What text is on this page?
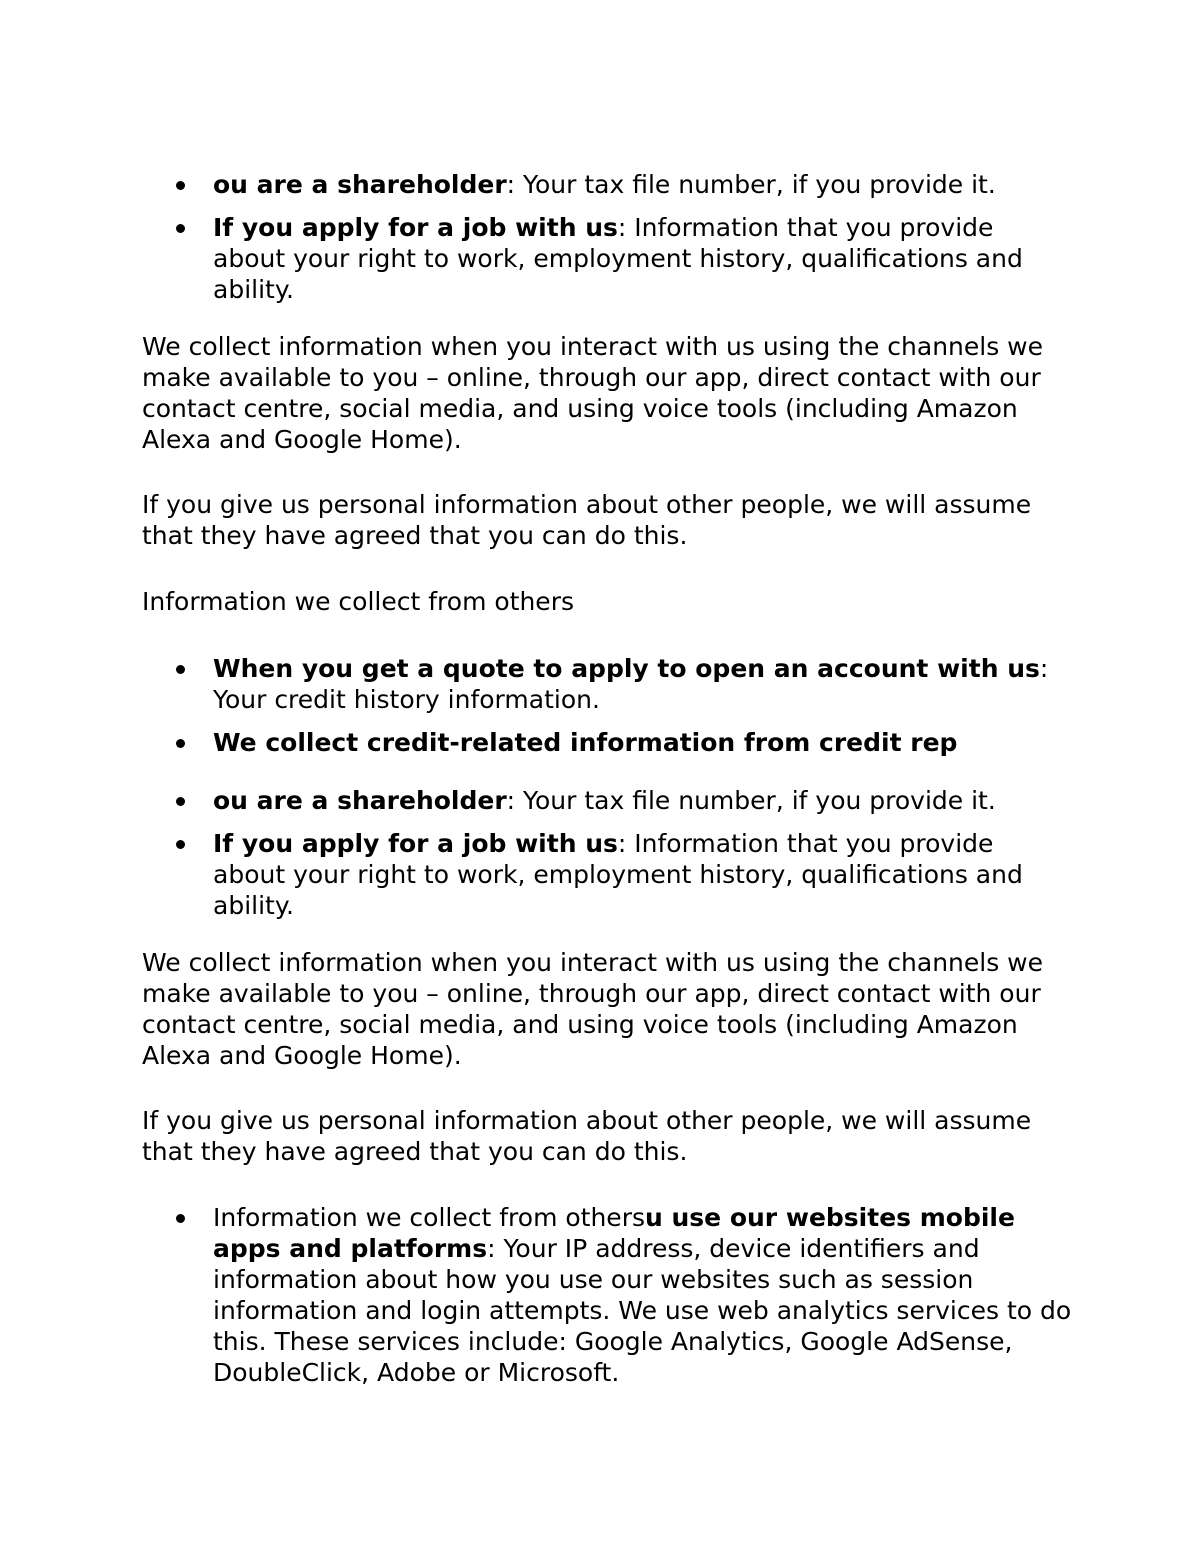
ou are a shareholder: Your tax file number, if you provide it.
If you apply for a job with us: Information that you provide about your right to work, employment history, qualifications and ability.

We collect information when you interact with us using the channels we make available to you – online, through our app, direct contact with our contact centre, social media, and using voice tools (including Amazon Alexa and Google Home).

If you give us personal information about other people, we will assume that they have agreed that you can do this.

Information we collect from others

When you get a quote to apply to open an account with us: Your credit history information.
We collect credit-related information from credit rep
ou are a shareholder: Your tax file number, if you provide it.
If you apply for a job with us: Information that you provide about your right to work, employment history, qualifications and ability.

We collect information when you interact with us using the channels we make available to you – online, through our app, direct contact with our contact centre, social media, and using voice tools (including Amazon Alexa and Google Home).

If you give us personal information about other people, we will assume that they have agreed that you can do this.

Information we collect from othersu use our websites mobile apps and platforms: Your IP address, device identifiers and information about how you use our websites such as session information and login attempts. We use web analytics services to do this. These services include: Google Analytics, Google AdSense, DoubleClick, Adobe or Microsoft.
